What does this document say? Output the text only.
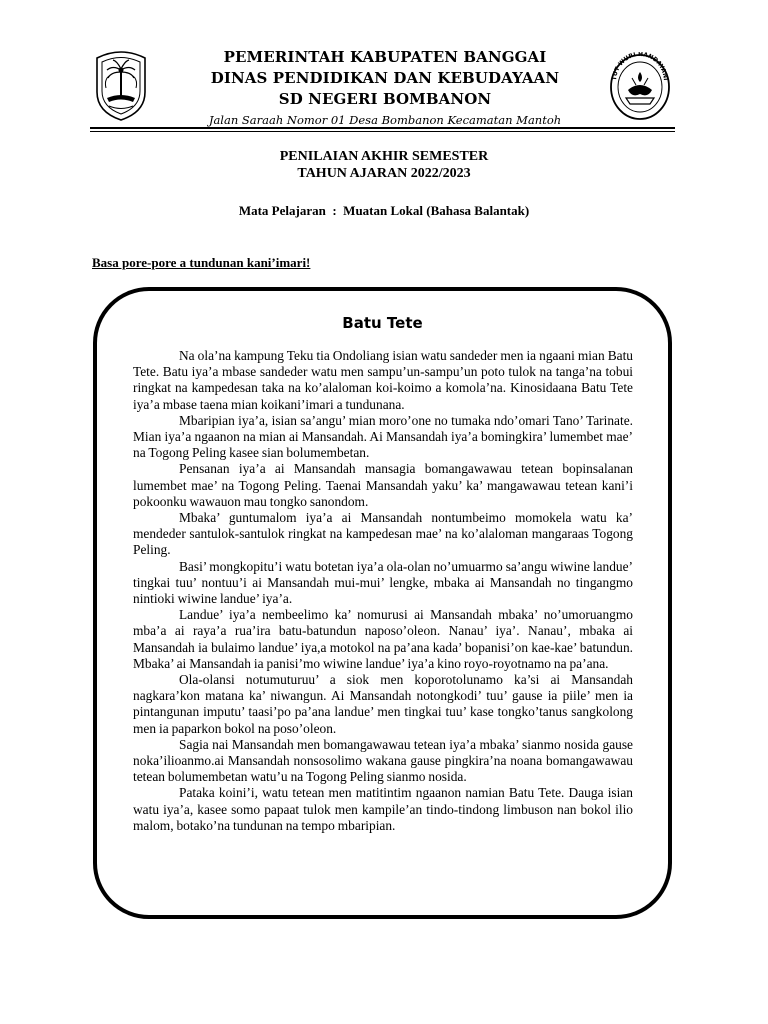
TUT WURI HANDAYANI
PEMERINTAH KABUPATEN BANGGAI
DINAS PENDIDIKAN DAN KEBUDAYAAN
SD NEGERI BOMBANON
Jalan Saraah Nomor 01 Desa Bombanon Kecamatan Mantoh
PENILAIAN AKHIR SEMESTER
TAHUN AJARAN 2022/2023
Mata Pelajaran : Muatan Lokal (Bahasa Balantak)
Basa pore-pore a tundunan kani’imari!
Batu Tete

Na ola’na kampung Teku tia Ondoliang isian watu sandeder men ia ngaani mian Batu Tete. Batu iya’a mbase sandeder watu men sampu’un-sampu’un poto tulok na tanga’na tobui ringkat na kampedesan taka na ko’alaloman koi-koimo a komola’na. Kinosidaana Batu Tete iya’a mbase taena mian koikani’imari a tundunana.

Mbaripian iya’a, isian sa’angu’ mian moro’one no tumaka ndo’omari Tano’ Tarinate. Mian iya’a ngaanon na mian ai Mansandah. Ai Mansandah iya’a bomingkira’ lumembet mae’ na Togong Peling kasee sian bolumembetan.

Pensanan iya’a ai Mansandah mansagia bomangawawau tetean bopinsalanan lumembet mae’ na Togong Peling. Taenai Mansandah yaku’ ka’ mangawawau tetean kani’i pokoonku wawauon mau tongko sanondom.

Mbaka’ guntumalom iya’a ai Mansandah nontumbeimo momokela watu ka’ mendeder santulok-santulok ringkat na kampedesan mae’ na ko’alaloman mangaraas Togong Peling.

Basi’ mongkopitu’i watu botetan iya’a ola-olan no’umuarmo sa’angu wiwine landue’ tingkai tuu’ nontuu’i ai Mansandah mui-mui’ lengke, mbaka ai Mansandah no tingangmo nintioki wiwine landue’ iya’a.

Landue’ iya’a nembeelimo ka’ nomurusi ai Mansandah mbaka’ no’umoruangmo mba’a ai raya’a rua’ira batu-batundun naposo’oleon. Nanau’ iya’. Nanau’, mbaka ai Mansandah ia bulaimo landue’ iya,a motokol na pa’ana kada’ bopanisi’on kae-kae’ batundun. Mbaka’ ai Mansandah ia panisi’mo wiwine landue’ iya’a kino royo-royotnamo na pa’ana.

Ola-olansi notumuturuu’ a siok men koporotolunamo ka’si ai Mansandah nagkara’kon matana ka’ niwangun. Ai Mansandah notongkodi’ tuu’ gause ia piile’ men ia pintangunan imputu’ taasi’po pa’ana landue’ men tingkai tuu’ kase tongko’tanus sangkolong men ia paparkon bokol na poso’oleon.

Sagia nai Mansandah men bomangawawau tetean iya’a mbaka’ sianmo nosida gause noka’ilioanmo.ai Mansandah nonsosolimo wakana gause pingkira’na noana bomangawawau tetean bolumembetan watu’u na Togong Peling sianmo nosida.

Pataka koini’i, watu tetean men matitintim ngaanon namian Batu Tete. Dauga isian watu iya’a, kasee somo papaat tulok men kampile’an tindo-tindong limbuson nan bokol ilio malom, botako’na tundunan na tempo mbaripian.
